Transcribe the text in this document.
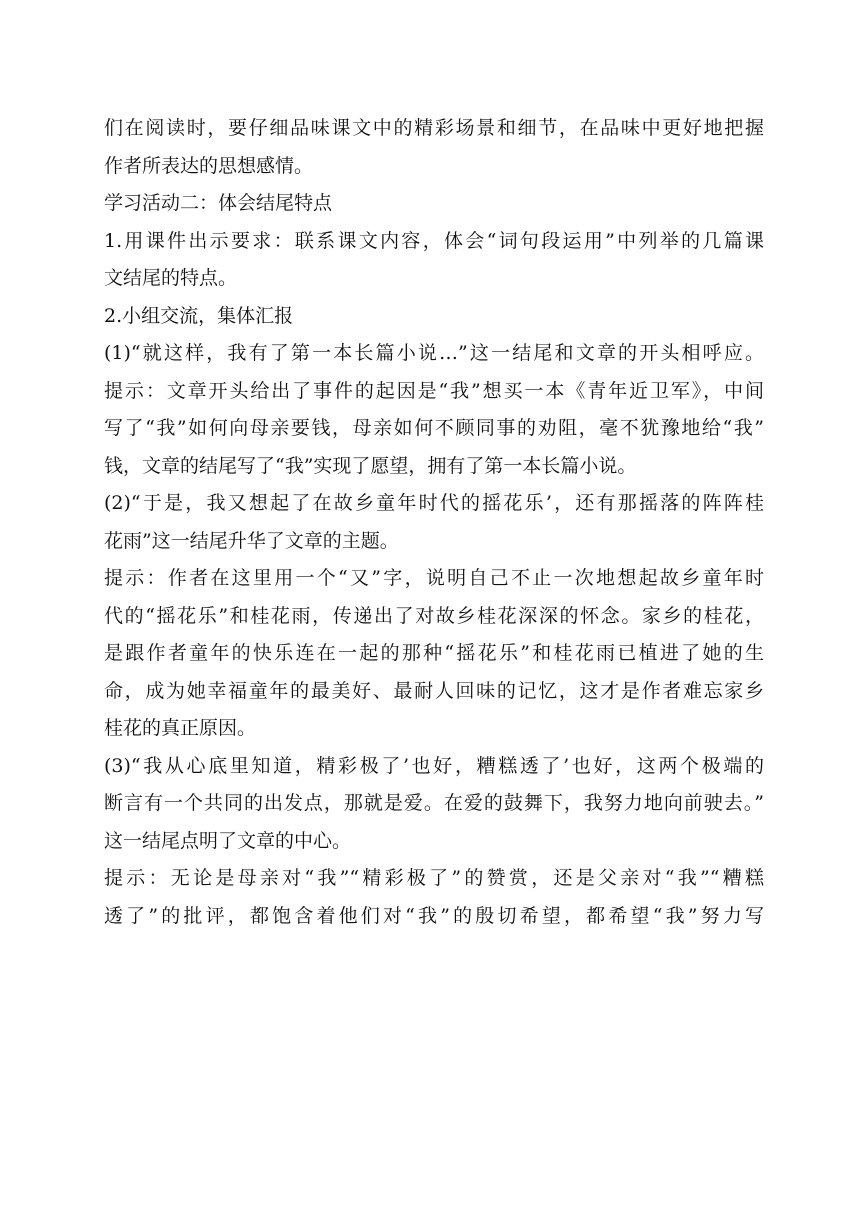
们在阅读时，要仔细品味课文中的精彩场景和细节，在品味中更好地把握
作者所表达的思想感情。
学习活动二：体会结尾特点
1.用课件出示要求：联系课文内容，体会“词句段运用”中列举的几篇课
文结尾的特点。
2.小组交流，集体汇报
(1)“就这样，我有了第一本长篇小说…”这一结尾和文章的开头相呼应。
提示：文章开头给出了事件的起因是“我”想买一本《青年近卫军》，中间
写了“我”如何向母亲要钱，母亲如何不顾同事的劝阻，毫不犹豫地给“我”
钱，文章的结尾写了“我”实现了愿望，拥有了第一本长篇小说。
(2)“于是，我又想起了在故乡童年时代的摇花乐’，还有那摇落的阵阵桂
花雨”这一结尾升华了文章的主题。
提示：作者在这里用一个“又”字，说明自己不止一次地想起故乡童年时
代的“摇花乐”和桂花雨，传递出了对故乡桂花深深的怀念。家乡的桂花，
是跟作者童年的快乐连在一起的那种“摇花乐”和桂花雨已植进了她的生
命，成为她幸福童年的最美好、最耐人回味的记忆，这才是作者难忘家乡
桂花的真正原因。
(3)“我从心底里知道，精彩极了’也好，糟糕透了’也好，这两个极端的
断言有一个共同的出发点，那就是爱。在爱的鼓舞下，我努力地向前驶去。”
这一结尾点明了文章的中心。
提示：无论是母亲对“我”“精彩极了”的赞赏，还是父亲对“我”“糟糕
透了”的批评，都饱含着他们对“我”的殷切希望，都希望“我”努力写
